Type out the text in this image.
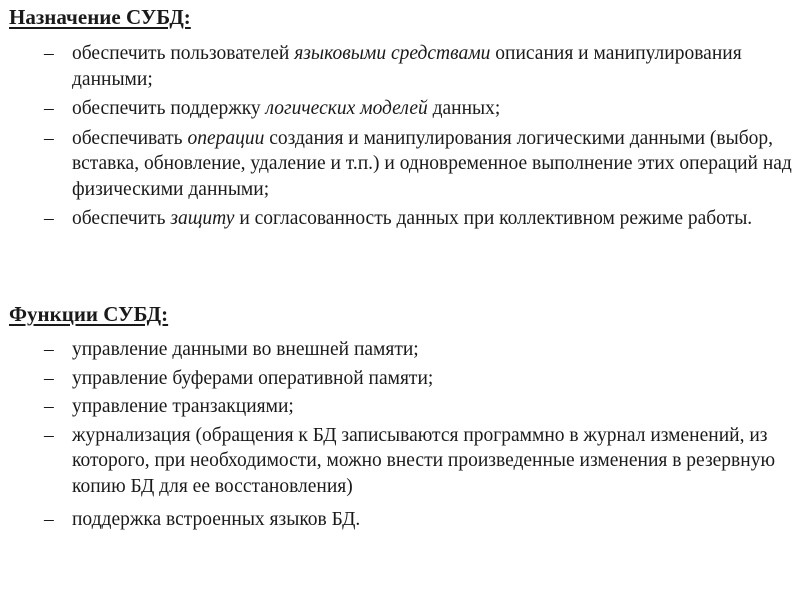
Назначение СУБД:
– обеспечить пользователей языковыми средствами описания и манипулирования данными;
– обеспечить поддержку логических моделей данных;
– обеспечивать операции создания и манипулирования логическими данными (выбор, вставка, обновление, удаление и т.п.) и одновременное выполнение этих операций над физическими данными;
– обеспечить защиту и согласованность данных при коллективном режиме работы.
Функции СУБД:
– управление данными во внешней памяти;
– управление буферами оперативной памяти;
– управление транзакциями;
– журнализация (обращения к БД записываются программно в журнал изменений, из которого, при необходимости, можно внести произведенные изменения в резервную копию БД для ее восстановления)
– поддержка встроенных языков БД.
